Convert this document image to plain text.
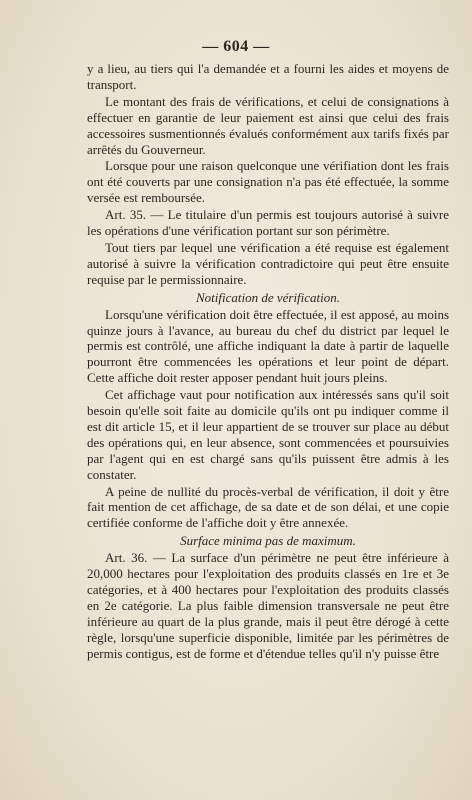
— 604 —

y a lieu, au tiers qui l'a demandée et a fourni les aides et moyens de transport.

Le montant des frais de vérifications, et celui de consignations à effectuer en garantie de leur paiement est ainsi que celui des frais accessoires susmentionnés évalués conformément aux tarifs fixés par arrêtés du Gouverneur.

Lorsque pour une raison quelconque une vérifiation dont les frais ont été couverts par une consignation n'a pas été effectuée, la somme versée est remboursée.

Art. 35. — Le titulaire d'un permis est toujours autorisé à suivre les opérations d'une vérification portant sur son périmètre.

Tout tiers par lequel une vérification a été requise est également autorisé à suivre la vérification contradictoire qui peut être ensuite requise par le permissionnaire.

Notification de vérification.

Lorsqu'une vérification doit être effectuée, il est apposé, au moins quinze jours à l'avance, au bureau du chef du district par lequel le permis est contrôlé, une affiche indiquant la date à partir de laquelle pourront être commencées les opérations et leur point de départ. Cette affiche doit rester apposer pendant huit jours pleins.

Cet affichage vaut pour notification aux intéressés sans qu'il soit besoin qu'elle soit faite au domicile qu'ils ont pu indiquer comme il est dit article 15, et il leur appartient de se trouver sur place au début des opérations qui, en leur absence, sont commencées et poursuivies par l'agent qui en est chargé sans qu'ils puissent être admis à les constater.

A peine de nullité du procès-verbal de vérification, il doit y être fait mention de cet affichage, de sa date et de son délai, et une copie certifiée conforme de l'affiche doit y être annexée.

Surface minima pas de maximum.

Art. 36. — La surface d'un périmètre ne peut être inférieure à 20,000 hectares pour l'exploitation des produits classés en 1re et 3e catégories, et à 400 hectares pour l'exploitation des produits classés en 2e catégorie. La plus faible dimension transversale ne peut être inférieure au quart de la plus grande, mais il peut être dérogé à cette règle, lorsqu'une superficie disponible, limitée par les périmètres de permis contigus, est de forme et d'étendue telles qu'il n'y puisse être
